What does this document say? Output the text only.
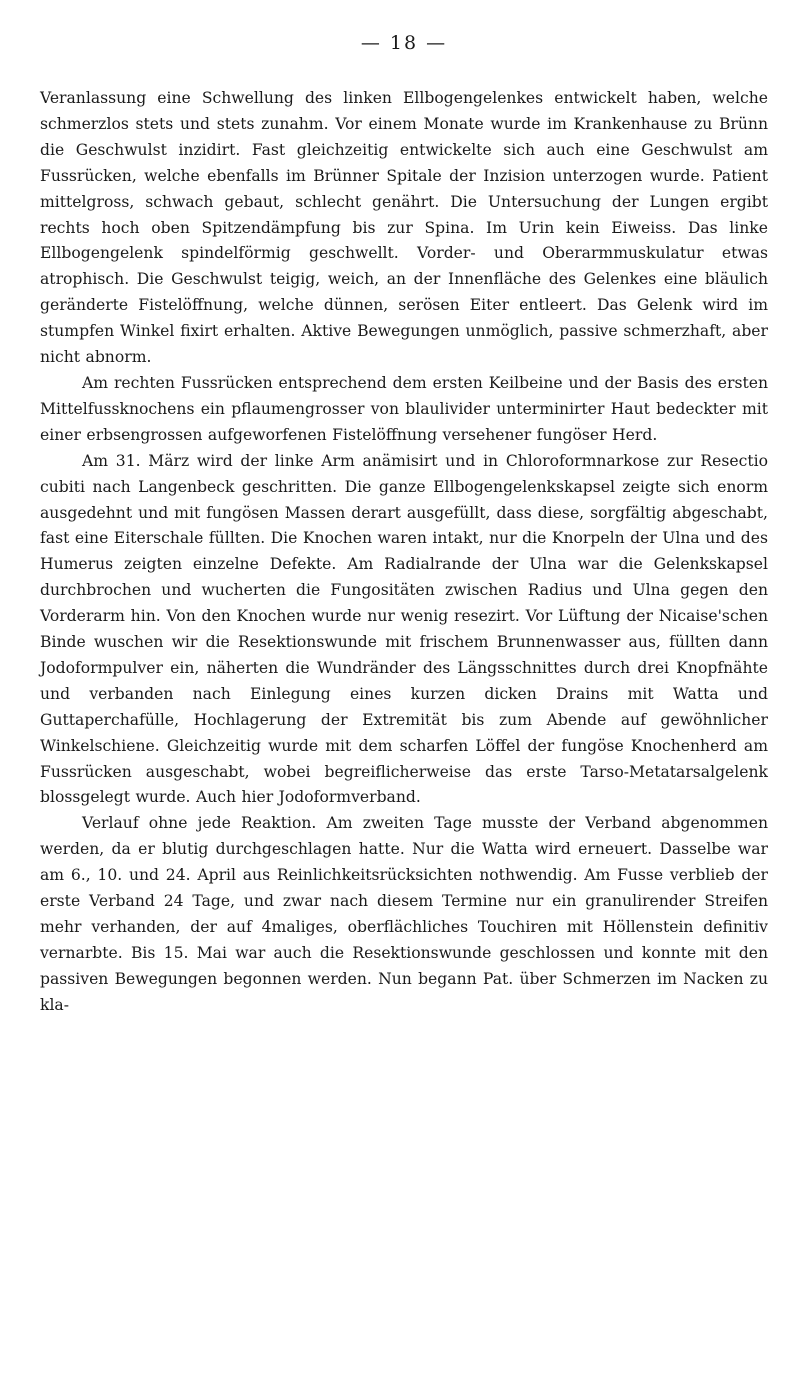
— 18 —

Veranlassung eine Schwellung des linken Ellbogengelenkes entwickelt haben, welche schmerzlos stets und stets zunahm. Vor einem Monate wurde im Krankenhause zu Brünn die Geschwulst inzidirt. Fast gleichzeitig entwickelte sich auch eine Geschwulst am Fussrücken, welche ebenfalls im Brünner Spitale der Inzision unterzogen wurde. Patient mittelgross, schwach gebaut, schlecht genährt. Die Untersuchung der Lungen ergibt rechts hoch oben Spitzendämpfung bis zur Spina. Im Urin kein Eiweiss. Das linke Ellbogengelenk spindelförmig geschwellt. Vorder- und Oberarmmuskulatur etwas atrophisch. Die Geschwulst teigig, weich, an der Innenfläche des Gelenkes eine bläulich geränderte Fistelöffnung, welche dünnen, serösen Eiter entleert. Das Gelenk wird im stumpfen Winkel fixirt erhalten. Aktive Bewegungen unmöglich, passive schmerzhaft, aber nicht abnorm.

Am rechten Fussrücken entsprechend dem ersten Keilbeine und der Basis des ersten Mittelfussknochens ein pflaumengrosser von blaulivider unterminirter Haut bedeckter mit einer erbsengrossen aufgeworfenen Fistelöffnung versehener fungöser Herd.

Am 31. März wird der linke Arm anämisirt und in Chloroformnarkose zur Resectio cubiti nach Langenbeck geschritten. Die ganze Ellbogengelenkskapsel zeigte sich enorm ausgedehnt und mit fungösen Massen derart ausgefüllt, dass diese, sorgfältig abgeschabt, fast eine Eiterschale füllten. Die Knochen waren intakt, nur die Knorpeln der Ulna und des Humerus zeigten einzelne Defekte. Am Radialrande der Ulna war die Gelenkskapsel durchbrochen und wucherten die Fungositäten zwischen Radius und Ulna gegen den Vorderarm hin. Von den Knochen wurde nur wenig resezirt. Vor Lüftung der Nicaise'schen Binde wuschen wir die Resektionswunde mit frischem Brunnenwasser aus, füllten dann Jodoformpulver ein, näherten die Wundränder des Längsschnittes durch drei Knopfnähte und verbanden nach Einlegung eines kurzen dicken Drains mit Watta und Guttaperchafülle, Hochlagerung der Extremität bis zum Abende auf gewöhnlicher Winkelschiene. Gleichzeitig wurde mit dem scharfen Löffel der fungöse Knochenherd am Fussrücken ausgeschabt, wobei begreiflicherweise das erste Tarso-Metatarsalgelenk blossgelegt wurde. Auch hier Jodoformverband.

Verlauf ohne jede Reaktion. Am zweiten Tage musste der Verband abgenommen werden, da er blutig durchgeschlagen hatte. Nur die Watta wird erneuert. Dasselbe war am 6., 10. und 24. April aus Reinlichkeitsrücksichten nothwendig. Am Fusse verblieb der erste Verband 24 Tage, und zwar nach diesem Termine nur ein granulirender Streifen mehr verhanden, der auf 4maliges, oberflächliches Touchiren mit Höllenstein definitiv vernarbte. Bis 15. Mai war auch die Resektionswunde geschlossen und konnte mit den passiven Bewegungen begonnen werden. Nun begann Pat. über Schmerzen im Nacken zu kla-
